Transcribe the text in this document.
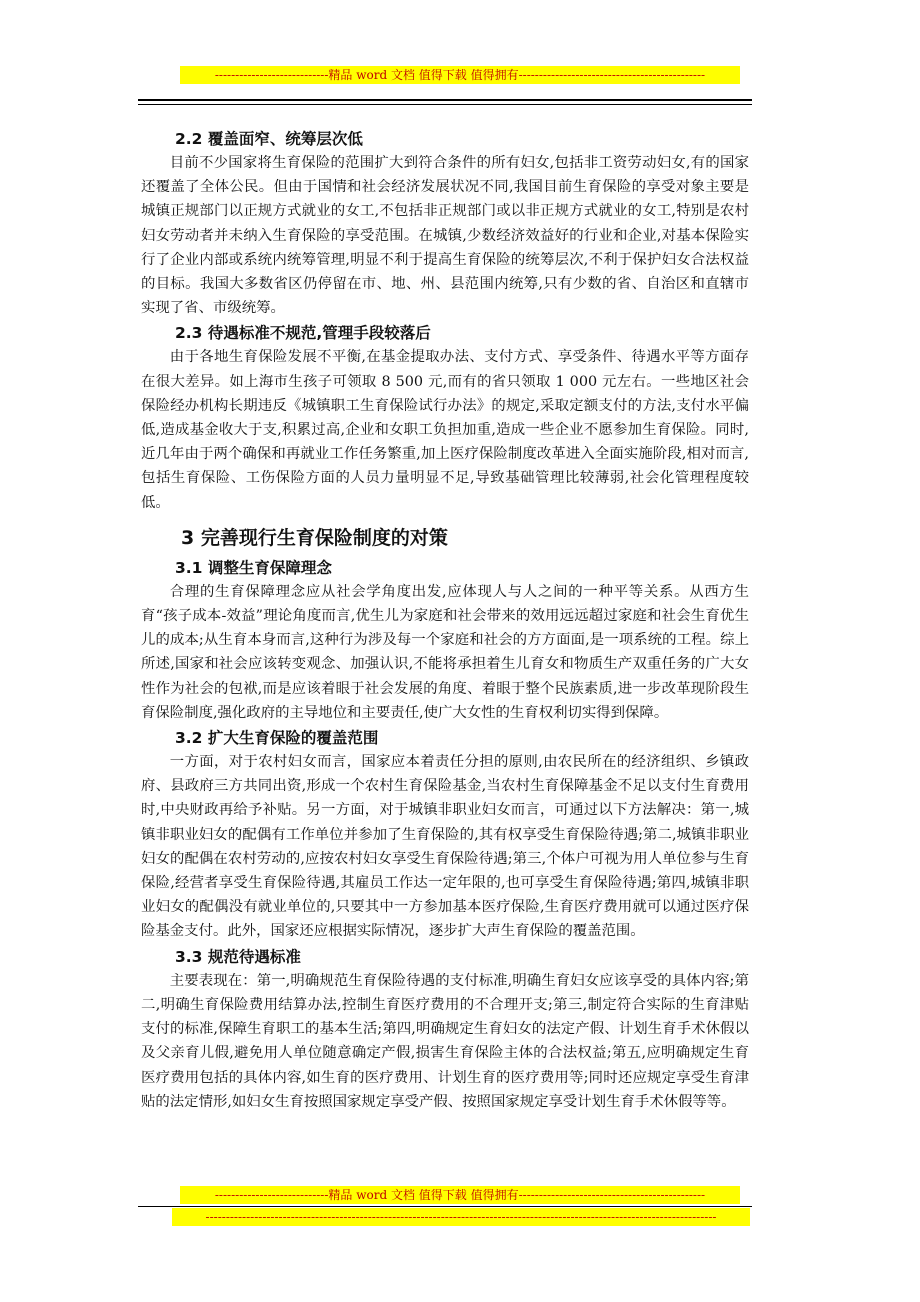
----------------------------精品 word 文档 值得下载 值得拥有----------------------------------------------
2.2 覆盖面窄、统筹层次低

目前不少国家将生育保险的范围扩大到符合条件的所有妇女,包括非工资劳动妇女,有的国家还覆盖了全体公民。但由于国情和社会经济发展状况不同,我国目前生育保险的享受对象主要是城镇正规部门以正规方式就业的女工,不包括非正规部门或以非正规方式就业的女工,特别是农村妇女劳动者并未纳入生育保险的享受范围。在城镇,少数经济效益好的行业和企业,对基本保险实行了企业内部或系统内统筹管理,明显不利于提高生育保险的统筹层次,不利于保护妇女合法权益的目标。我国大多数省区仍停留在市、地、州、县范围内统筹,只有少数的省、自治区和直辖市实现了省、市级统筹。

2.3 待遇标准不规范,管理手段较落后

由于各地生育保险发展不平衡,在基金提取办法、支付方式、享受条件、待遇水平等方面存在很大差异。如上海市生孩子可领取 8 500 元,而有的省只领取 1 000 元左右。一些地区社会保险经办机构长期违反《城镇职工生育保险试行办法》的规定,采取定额支付的方法,支付水平偏低,造成基金收大于支,积累过高,企业和女职工负担加重,造成一些企业不愿参加生育保险。同时,近几年由于两个确保和再就业工作任务繁重,加上医疗保险制度改革进入全面实施阶段,相对而言,包括生育保险、工伤保险方面的人员力量明显不足,导致基础管理比较薄弱,社会化管理程度较低。

3 完善现行生育保险制度的对策
3.1 调整生育保障理念

合理的生育保障理念应从社会学角度出发,应体现人与人之间的一种平等关系。从西方生育“孩子成本-效益”理论角度而言,优生儿为家庭和社会带来的效用远远超过家庭和社会生育优生儿的成本;从生育本身而言,这种行为涉及每一个家庭和社会的方方面面,是一项系统的工程。综上所述,国家和社会应该转变观念、加强认识,不能将承担着生儿育女和物质生产双重任务的广大女性作为社会的包袱,而是应该着眼于社会发展的角度、着眼于整个民族素质,进一步改革现阶段生育保险制度,强化政府的主导地位和主要责任,使广大女性的生育权利切实得到保障。

3.2 扩大生育保险的覆盖范围

一方面，对于农村妇女而言，国家应本着责任分担的原则,由农民所在的经济组织、乡镇政府、县政府三方共同出资,形成一个农村生育保险基金,当农村生育保障基金不足以支付生育费用时,中央财政再给予补贴。另一方面，对于城镇非职业妇女而言，可通过以下方法解决：第一,城镇非职业妇女的配偶有工作单位并参加了生育保险的,其有权享受生育保险待遇;第二,城镇非职业妇女的配偶在农村劳动的,应按农村妇女享受生育保险待遇;第三,个体户可视为用人单位参与生育保险,经营者享受生育保险待遇,其雇员工作达一定年限的,也可享受生育保险待遇;第四,城镇非职业妇女的配偶没有就业单位的,只要其中一方参加基本医疗保险,生育医疗费用就可以通过医疗保险基金支付。此外，国家还应根据实际情况，逐步扩大声生育保险的覆盖范围。

3.3 规范待遇标准

主要表现在：第一,明确规范生育保险待遇的支付标准,明确生育妇女应该享受的具体内容;第二,明确生育保险费用结算办法,控制生育医疗费用的不合理开支;第三,制定符合实际的生育津贴支付的标准,保障生育职工的基本生活;第四,明确规定生育妇女的法定产假、计划生育手术休假以及父亲育儿假,避免用人单位随意确定产假,损害生育保险主体的合法权益;第五,应明确规定生育医疗费用包括的具体内容,如生育的医疗费用、计划生育的医疗费用等;同时还应规定享受生育津贴的法定情形,如妇女生育按照国家规定享受产假、按照国家规定享受计划生育手术休假等等。

----------------------------精品 word 文档 值得下载 值得拥有----------------------------------------------
------------------------------------------------------------------------------------------------------------------------------
